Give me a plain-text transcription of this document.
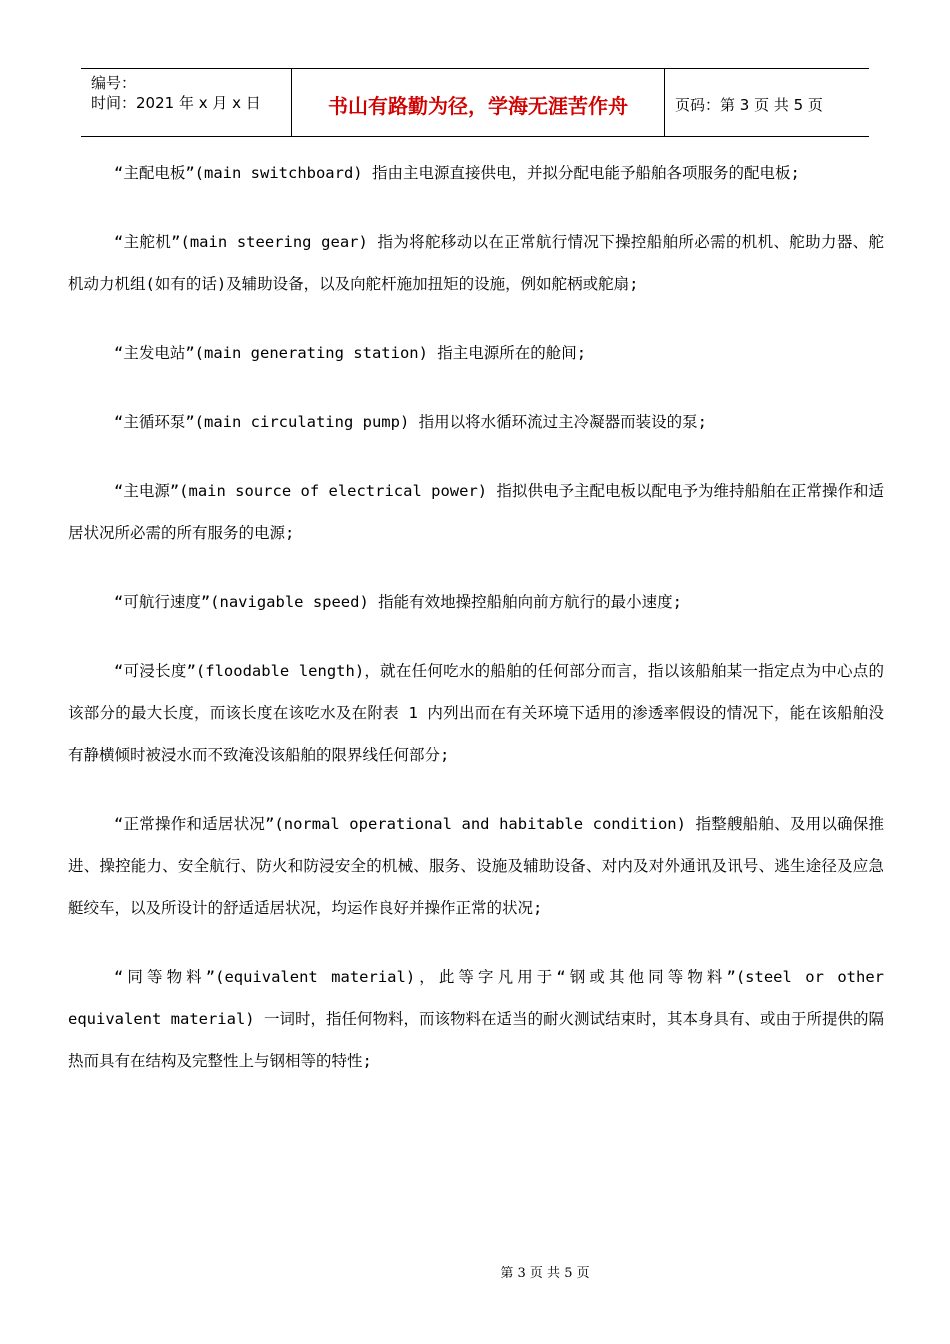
编号：
时间：2021 年 x 月 x 日	书山有路勤为径，学海无涯苦作舟	页码：第 3 页 共 5 页

“主配电板”(main switchboard) 指由主电源直接供电，并拟分配电能予船舶各项服务的配电板;

“主舵机”(main steering gear) 指为将舵移动以在正常航行情况下操控船舶所必需的机机、舵助力器、舵机动力机组(如有的话)及辅助设备，以及向舵杆施加扭矩的设施，例如舵柄或舵扇;

“主发电站”(main generating station) 指主电源所在的舱间;

“主循环泵”(main circulating pump) 指用以将水循环流过主冷凝器而装设的泵;

“主电源”(main source of electrical power) 指拟供电予主配电板以配电予为维持船舶在正常操作和适居状况所必需的所有服务的电源;

“可航行速度”(navigable speed) 指能有效地操控船舶向前方航行的最小速度;

“可浸长度”(floodable length)，就在任何吃水的船舶的任何部分而言，指以该船舶某一指定点为中心点的该部分的最大长度，而该长度在该吃水及在附表 1 内列出而在有关环境下适用的渗透率假设的情况下，能在该船舶没有静横倾时被浸水而不致淹没该船舶的限界线任何部分;

“正常操作和适居状况”(normal operational and habitable condition) 指整艘船舶、及用以确保推进、操控能力、安全航行、防火和防浸安全的机械、服务、设施及辅助设备、对内及对外通讯及讯号、逃生途径及应急艇绞车，以及所设计的舒适适居状况，均运作良好并操作正常的状况;

“同等物料”(equivalent material)，此等字凡用于“钢或其他同等物料”(steel or other equivalent material) 一词时，指任何物料，而该物料在适当的耐火测试结束时，其本身具有、或由于所提供的隔热而具有在结构及完整性上与钢相等的特性;

第 3 页 共 5 页
